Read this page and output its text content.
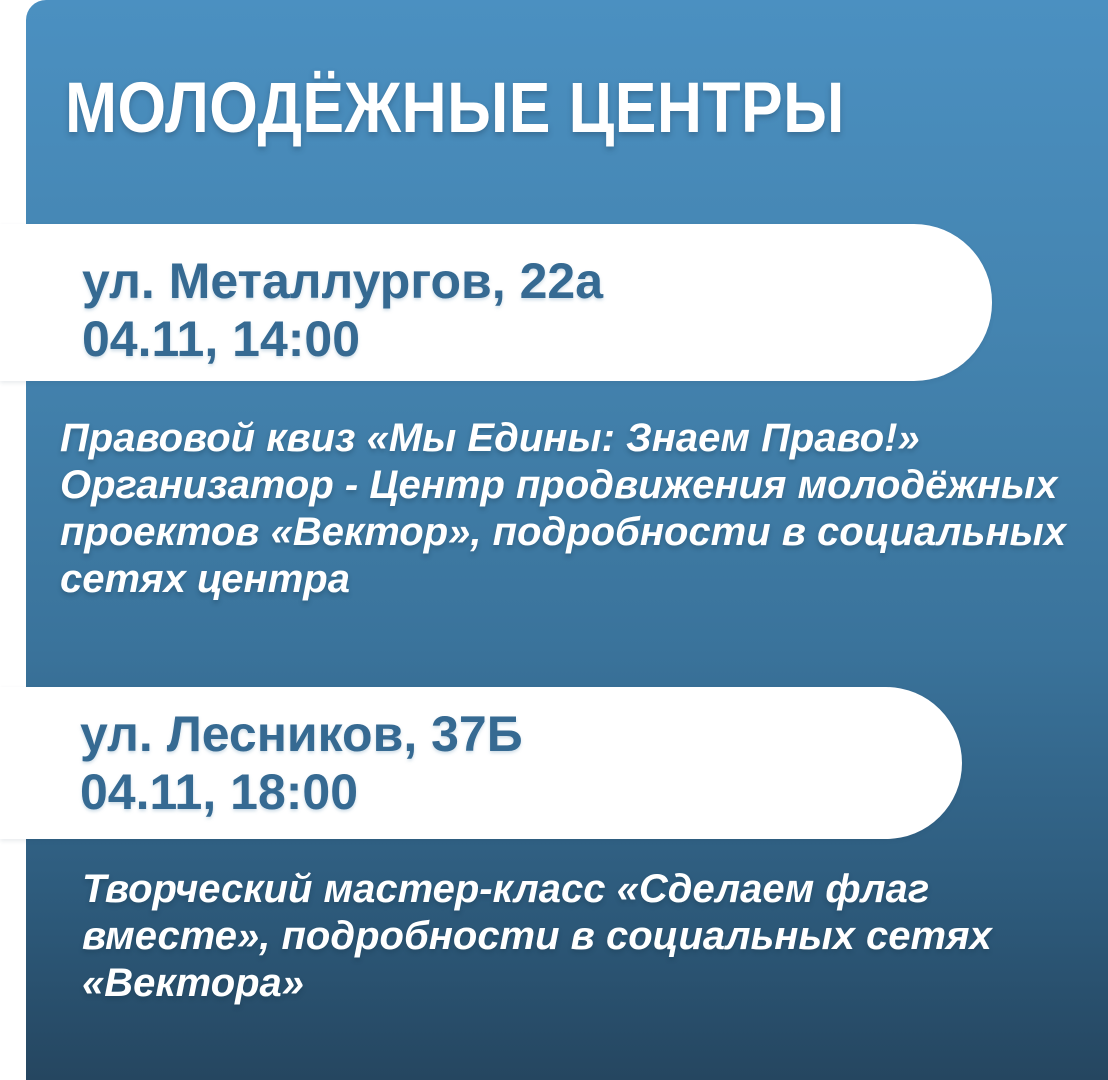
МОЛОДЁЖНЫЕ ЦЕНТРЫ
ул. Металлургов, 22а
04.11, 14:00

Правовой квиз «Мы Едины: Знаем Право!»
Организатор - Центр продвижения молодёжных
проектов «Вектор», подробности в социальных
сетях центра

ул. Лесников, 37Б
04.11, 18:00

Творческий мастер-класс «Сделаем флаг
вместе», подробности в социальных сетях
«Вектора»
